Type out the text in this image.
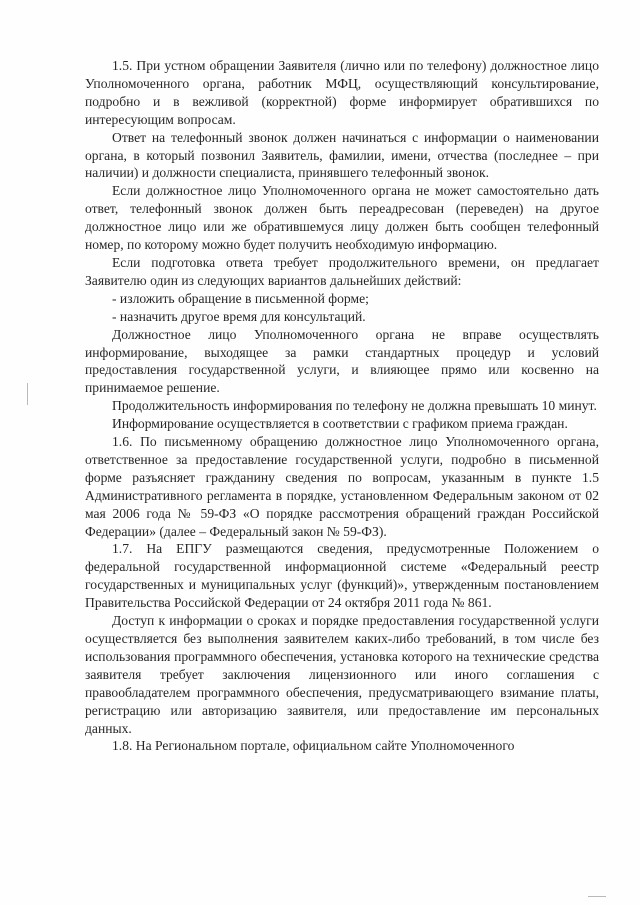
1.5. При устном обращении Заявителя (лично или по телефону) должностное лицо Уполномоченного органа, работник МФЦ, осуществляющий консультирование, подробно и в вежливой (корректной) форме информирует обратившихся по интересующим вопросам.

Ответ на телефонный звонок должен начинаться с информации о наименовании органа, в который позвонил Заявитель, фамилии, имени, отчества (последнее – при наличии) и должности специалиста, принявшего телефонный звонок.

Если должностное лицо Уполномоченного органа не может самостоятельно дать ответ, телефонный звонок должен быть переадресован (переведен) на другое должностное лицо или же обратившемуся лицу должен быть сообщен телефонный номер, по которому можно будет получить необходимую информацию.

Если подготовка ответа требует продолжительного времени, он предлагает Заявителю один из следующих вариантов дальнейших действий:

- изложить обращение в письменной форме;

- назначить другое время для консультаций.

Должностное лицо Уполномоченного органа не вправе осуществлять информирование, выходящее за рамки стандартных процедур и условий предоставления государственной услуги, и влияющее прямо или косвенно на принимаемое решение.

Продолжительность информирования по телефону не должна превышать 10 минут.

Информирование осуществляется в соответствии с графиком приема граждан.

1.6. По письменному обращению должностное лицо Уполномоченного органа, ответственное за предоставление государственной услуги, подробно в письменной форме разъясняет гражданину сведения по вопросам, указанным в пункте 1.5 Административного регламента в порядке, установленном Федеральным законом от 02 мая 2006 года № 59-ФЗ «О порядке рассмотрения обращений граждан Российской Федерации» (далее – Федеральный закон № 59-ФЗ).

1.7. На ЕПГУ размещаются сведения, предусмотренные Положением о федеральной государственной информационной системе «Федеральный реестр государственных и муниципальных услуг (функций)», утвержденным постановлением Правительства Российской Федерации от 24 октября 2011 года № 861.

Доступ к информации о сроках и порядке предоставления государственной услуги осуществляется без выполнения заявителем каких-либо требований, в том числе без использования программного обеспечения, установка которого на технические средства заявителя требует заключения лицензионного или иного соглашения с правообладателем программного обеспечения, предусматривающего взимание платы, регистрацию или авторизацию заявителя, или предоставление им персональных данных.

1.8. На Региональном портале, официальном сайте Уполномоченного
